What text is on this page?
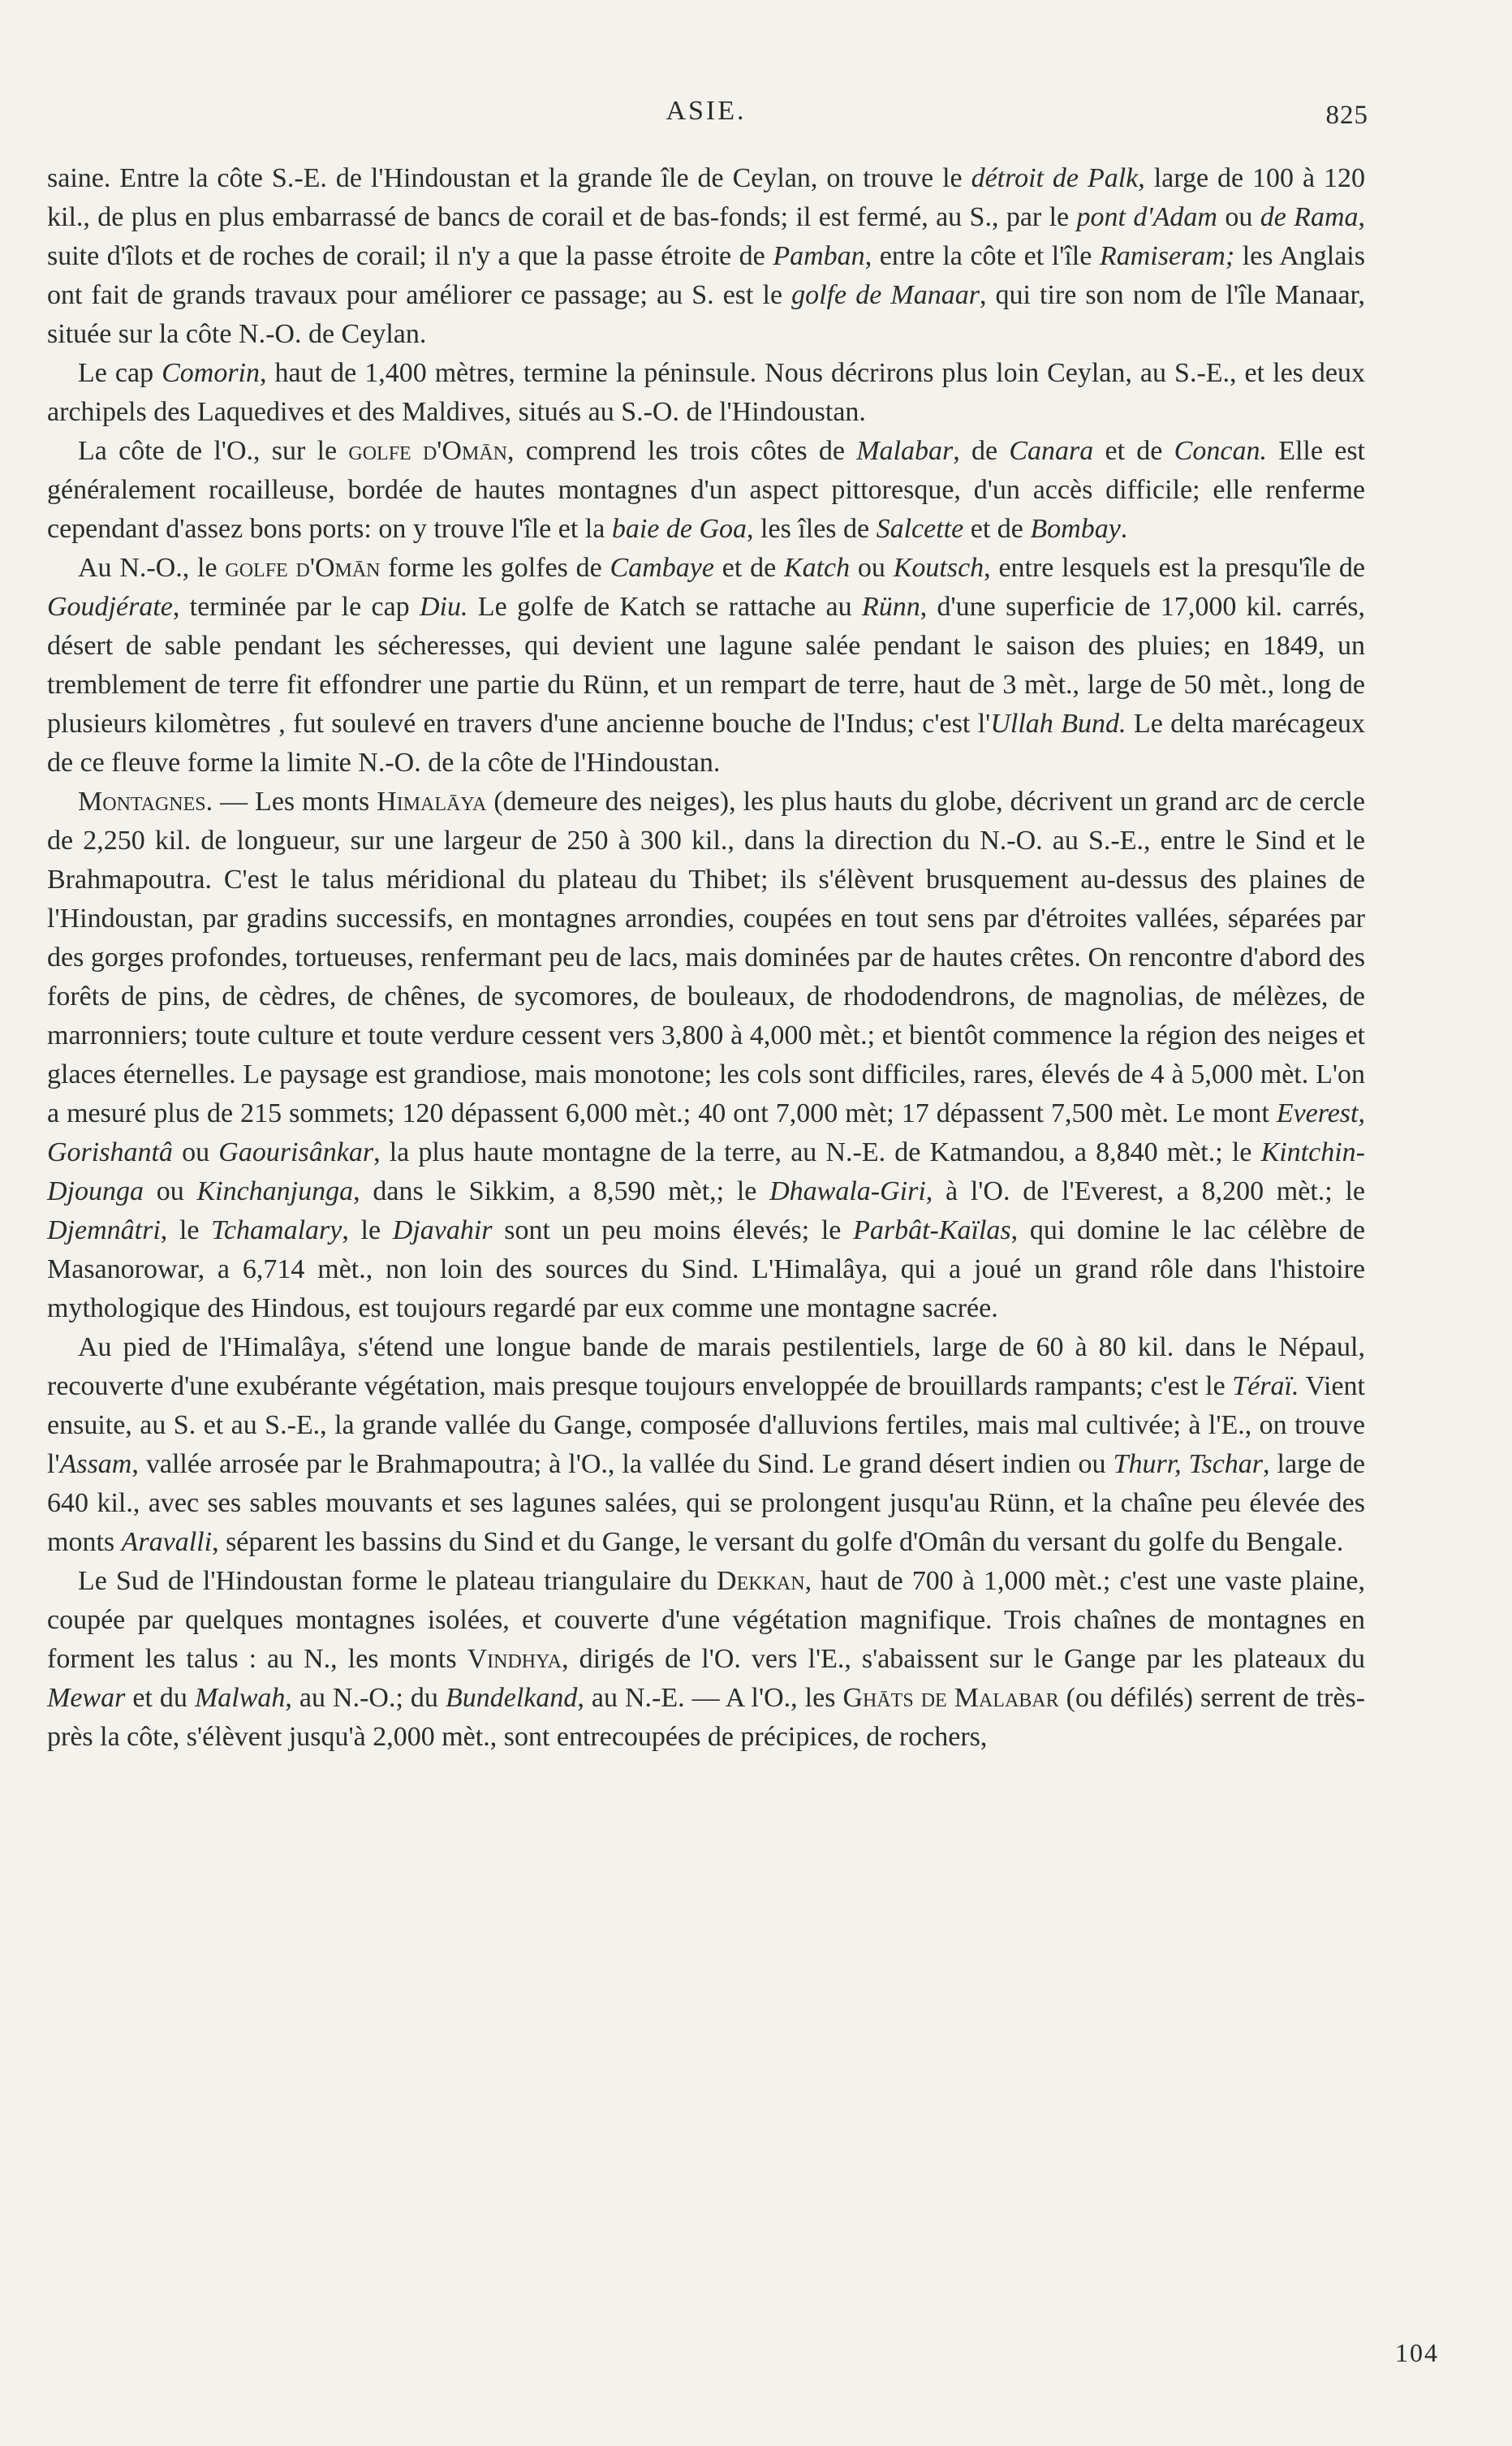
ASIE.	825

saine. Entre la côte S.-E. de l'Hindoustan et la grande île de Ceylan, on trouve le détroit de Palk, large de 100 à 120 kil., de plus en plus embarrassé de bancs de corail et de bas-fonds; il est fermé, au S., par le pont d'Adam ou de Rama, suite d'îlots et de roches de corail; il n'y a que la passe étroite de Pamban, entre la côte et l'île Ramiseram; les Anglais ont fait de grands travaux pour améliorer ce passage; au S. est le golfe de Manaar, qui tire son nom de l'île Manaar, située sur la côte N.-O. de Ceylan.

Le cap Comorin, haut de 1,400 mètres, termine la péninsule. Nous décrirons plus loin Ceylan, au S.-E., et les deux archipels des Laquedives et des Maldives, situés au S.-O. de l'Hindoustan.

La côte de l'O., sur le golfe d'Omān, comprend les trois côtes de Malabar, de Canara et de Concan. Elle est généralement rocailleuse, bordée de hautes montagnes d'un aspect pittoresque, d'un accès difficile; elle renferme cependant d'assez bons ports: on y trouve l'île et la baie de Goa, les îles de Salcette et de Bombay.

Au N.-O., le golfe d'Omān forme les golfes de Cambaye et de Katch ou Koutsch, entre lesquels est la presqu'île de Goudjérate, terminée par le cap Diu. Le golfe de Katch se rattache au Rünn, d'une superficie de 17,000 kil. carrés, désert de sable pendant les sécheresses, qui devient une lagune salée pendant le saison des pluies; en 1849, un tremblement de terre fit effondrer une partie du Rünn, et un rempart de terre, haut de 3 mèt., large de 50 mèt., long de plusieurs kilomètres , fut soulevé en travers d'une ancienne bouche de l'Indus; c'est l'Ullah Bund. Le delta marécageux de ce fleuve forme la limite N.-O. de la côte de l'Hindoustan.

Montagnes. — Les monts Himalāya (demeure des neiges), les plus hauts du globe, décrivent un grand arc de cercle de 2,250 kil. de longueur, sur une largeur de 250 à 300 kil., dans la direction du N.-O. au S.-E., entre le Sind et le Brahmapoutra. C'est le talus méridional du plateau du Thibet; ils s'élèvent brusquement au-dessus des plaines de l'Hindoustan, par gradins successifs, en montagnes arrondies, coupées en tout sens par d'étroites vallées, séparées par des gorges profondes, tortueuses, renfermant peu de lacs, mais dominées par de hautes crêtes. On rencontre d'abord des forêts de pins, de cèdres, de chênes, de sycomores, de bouleaux, de rhododendrons, de magnolias, de mélèzes, de marronniers; toute culture et toute verdure cessent vers 3,800 à 4,000 mèt.; et bientôt commence la région des neiges et glaces éternelles. Le paysage est grandiose, mais monotone; les cols sont difficiles, rares, élevés de 4 à 5,000 mèt. L'on a mesuré plus de 215 sommets; 120 dépassent 6,000 mèt.; 40 ont 7,000 mèt; 17 dépassent 7,500 mèt. Le mont Everest, Gorishantâ ou Gaourisânkar, la plus haute montagne de la terre, au N.-E. de Katmandou, a 8,840 mèt.; le Kintchin-Djounga ou Kinchanjunga, dans le Sikkim, a 8,590 mèt,; le Dhawala-Giri, à l'O. de l'Everest, a 8,200 mèt.; le Djemnâtri, le Tchamalary, le Djavahir sont un peu moins élevés; le Parbât-Kaïlas, qui domine le lac célèbre de Masanorowar, a 6,714 mèt., non loin des sources du Sind. L'Himalâya, qui a joué un grand rôle dans l'histoire mythologique des Hindous, est toujours regardé par eux comme une montagne sacrée.

Au pied de l'Himalâya, s'étend une longue bande de marais pestilentiels, large de 60 à 80 kil. dans le Népaul, recouverte d'une exubérante végétation, mais presque toujours enveloppée de brouillards rampants; c'est le Téraï. Vient ensuite, au S. et au S.-E., la grande vallée du Gange, composée d'alluvions fertiles, mais mal cultivée; à l'E., on trouve l'Assam, vallée arrosée par le Brahmapoutra; à l'O., la vallée du Sind. Le grand désert indien ou Thurr, Tschar, large de 640 kil., avec ses sables mouvants et ses lagunes salées, qui se prolongent jusqu'au Rünn, et la chaîne peu élevée des monts Aravalli, séparent les bassins du Sind et du Gange, le versant du golfe d'Omân du versant du golfe du Bengale.

Le Sud de l'Hindoustan forme le plateau triangulaire du Dekkan, haut de 700 à 1,000 mèt.; c'est une vaste plaine, coupée par quelques montagnes isolées, et couverte d'une végétation magnifique. Trois chaînes de montagnes en forment les talus : au N., les monts Vindhya, dirigés de l'O. vers l'E., s'abaissent sur le Gange par les plateaux du Mewar et du Malwah, au N.-O.; du Bundelkand, au N.-E. — A l'O., les Ghāts de Malabar (ou défilés) serrent de très-près la côte, s'élèvent jusqu'à 2,000 mèt., sont entrecoupées de précipices, de rochers,

104
